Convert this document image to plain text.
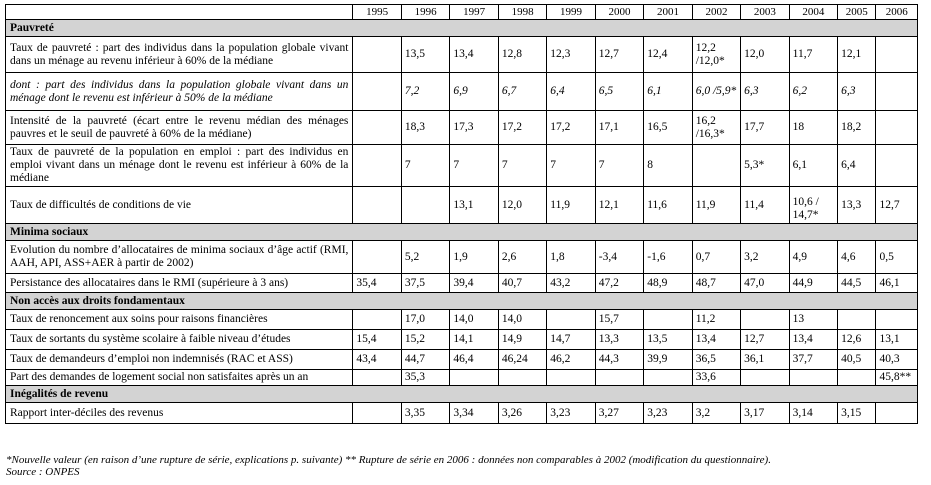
	1995	1996	1997	1998	1999	2000	2001	2002	2003	2004	2005	2006
Pauvreté												
Taux de pauvreté : part des individus dans la population globale vivant dans un ménage au revenu inférieur à 60% de la médiane		13,5	13,4	12,8	12,3	12,7	12,4	12,2 /12,0*	12,0	11,7	12,1	
dont : part des individus dans la population globale vivant dans un ménage dont le revenu est inférieur à 50% de la médiane		7,2	6,9	6,7	6,4	6,5	6,1	6,0 /5,9*	6,3	6,2	6,3	
Intensité de la pauvreté (écart entre le revenu médian des ménages pauvres et le seuil de pauvreté à 60% de la médiane)		18,3	17,3	17,2	17,2	17,1	16,5	16,2 /16,3*	17,7	18	18,2	
Taux de pauvreté de la population en emploi : part des individus en emploi vivant dans un ménage dont le revenu est inférieur à 60% de la médiane		7	7	7	7	7	8		5,3*	6,1	6,4	
Taux de difficultés de conditions de vie			13,1	12,0	11,9	12,1	11,6	11,9	11,4	10,6 / 14,7*	13,3	12,7
Minima sociaux												
Evolution du nombre d’allocataires de minima sociaux d’âge actif (RMI, AAH, API, ASS+AER à partir de 2002)		5,2	1,9	2,6	1,8	-3,4	-1,6	0,7	3,2	4,9	4,6	0,5
Persistance des allocataires dans le RMI (supérieure à 3 ans)	35,4	37,5	39,4	40,7	43,2	47,2	48,9	48,7	47,0	44,9	44,5	46,1
Non accès aux droits fondamentaux												
Taux de renoncement aux soins pour raisons financières		17,0	14,0	14,0		15,7		11,2		13		
Taux de sortants du système scolaire à faible niveau d’études	15,4	15,2	14,1	14,9	14,7	13,3	13,5	13,4	12,7	13,4	12,6	13,1
Taux de demandeurs d’emploi non indemnisés (RAC et ASS)	43,4	44,7	46,4	46,24	46,2	44,3	39,9	36,5	36,1	37,7	40,5	40,3
Part des demandes de logement social non satisfaites après un an		35,3						33,6				45,8**
Inégalités de revenu												
Rapport inter-déciles des revenus		3,35	3,34	3,26	3,23	3,27	3,23	3,2	3,17	3,14	3,15	
*Nouvelle valeur (en raison d’une rupture de série, explications p. suivante) ** Rupture de série en 2006 : données non comparables à 2002 (modification du questionnaire).
Source : ONPES
